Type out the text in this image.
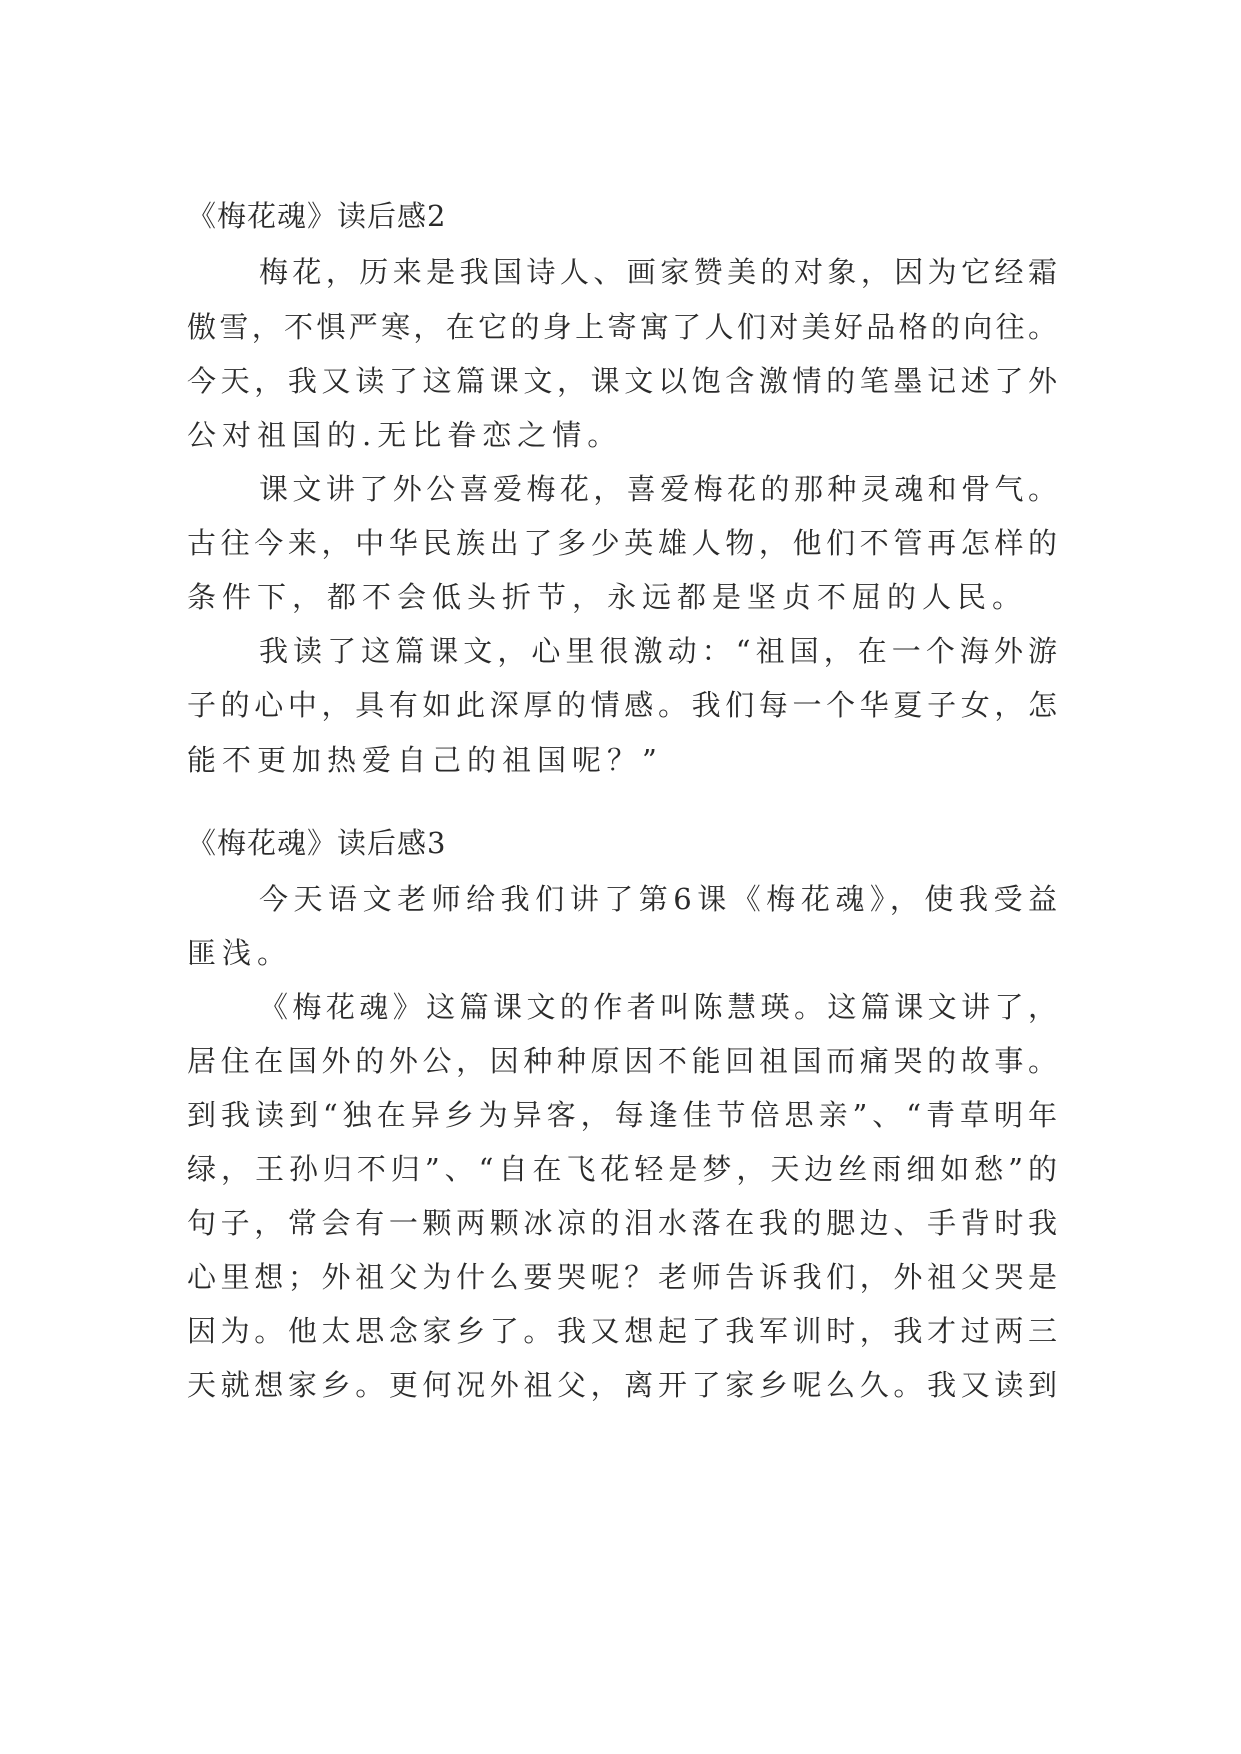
《梅花魂》读后感2
梅花，历来是我国诗人、画家赞美的对象，因为它经霜
傲雪，不惧严寒，在它的身上寄寓了人们对美好品格的向往。
今天，我又读了这篇课文，课文以饱含激情的笔墨记述了外
公对祖国的.无比眷恋之情。
课文讲了外公喜爱梅花，喜爱梅花的那种灵魂和骨气。
古往今来，中华民族出了多少英雄人物，他们不管再怎样的
条件下，都不会低头折节，永远都是坚贞不屈的人民。
我读了这篇课文，心里很激动：“祖国，在一个海外游
子的心中，具有如此深厚的情感。我们每一个华夏子女，怎
能不更加热爱自己的祖国呢？”
《梅花魂》读后感3
今天语文老师给我们讲了第6课《梅花魂》，使我受益
匪浅。
《梅花魂》这篇课文的作者叫陈慧瑛。这篇课文讲了，
居住在国外的外公，因种种原因不能回祖国而痛哭的故事。
到我读到“独在异乡为异客，每逢佳节倍思亲”、“青草明年
绿，王孙归不归”、“自在飞花轻是梦，天边丝雨细如愁”的
句子，常会有一颗两颗冰凉的泪水落在我的腮边、手背时我
心里想；外祖父为什么要哭呢？老师告诉我们，外祖父哭是
因为。他太思念家乡了。我又想起了我军训时，我才过两三
天就想家乡。更何况外祖父，离开了家乡呢么久。我又读到
